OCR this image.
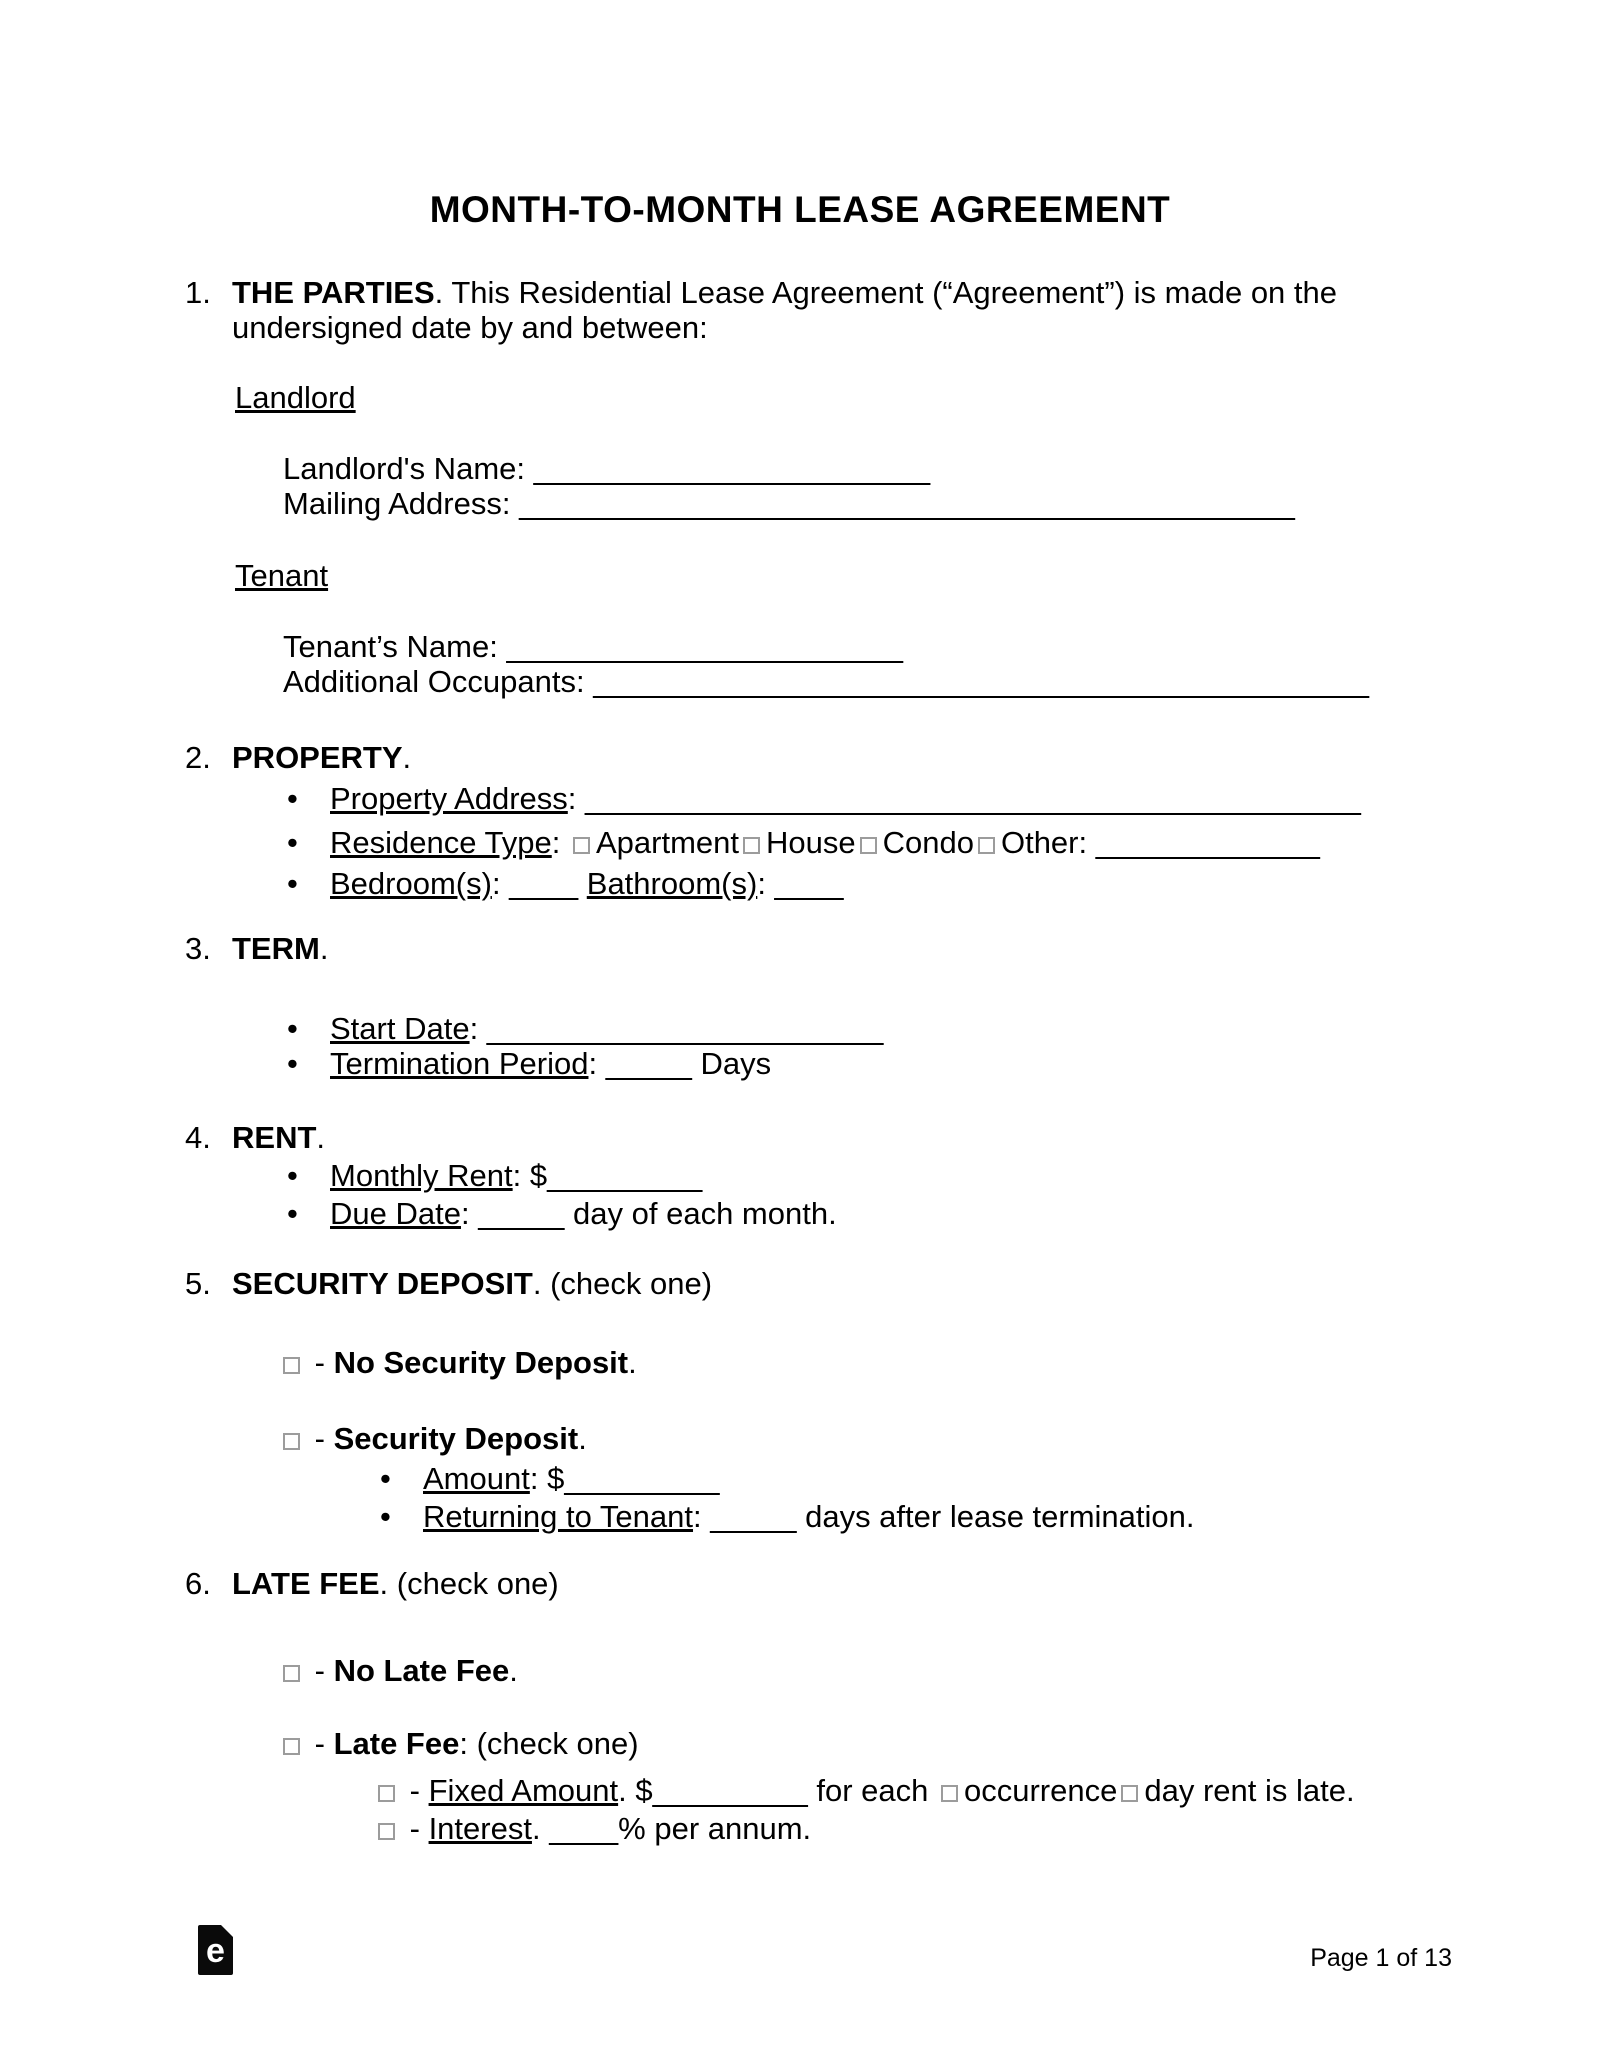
MONTH-TO-MONTH LEASE AGREEMENT
1. THE PARTIES. This Residential Lease Agreement (“Agreement”) is made on the undersigned date by and between:
Landlord
Landlord's Name: _______________________
Mailing Address: _____________________________________________
Tenant
Tenant’s Name: _______________________
Additional Occupants: _____________________________________________
2. PROPERTY.
• Property Address: _____________________________________________
• Residence Type: Apartment House Condo Other: _____________
• Bedroom(s): ____ Bathroom(s): ____
3. TERM.
• Start Date: _______________________
• Termination Period: _____ Days
4. RENT.
• Monthly Rent: $_________
• Due Date: _____ day of each month.
5. SECURITY DEPOSIT. (check one)
- No Security Deposit.
- Security Deposit.
• Amount: $_________
• Returning to Tenant: _____ days after lease termination.
6. LATE FEE. (check one)
- No Late Fee.
- Late Fee: (check one)
- Fixed Amount. $_________ for each occurrence day rent is late.
- Interest. ____% per annum.
e	Page 1 of 13
